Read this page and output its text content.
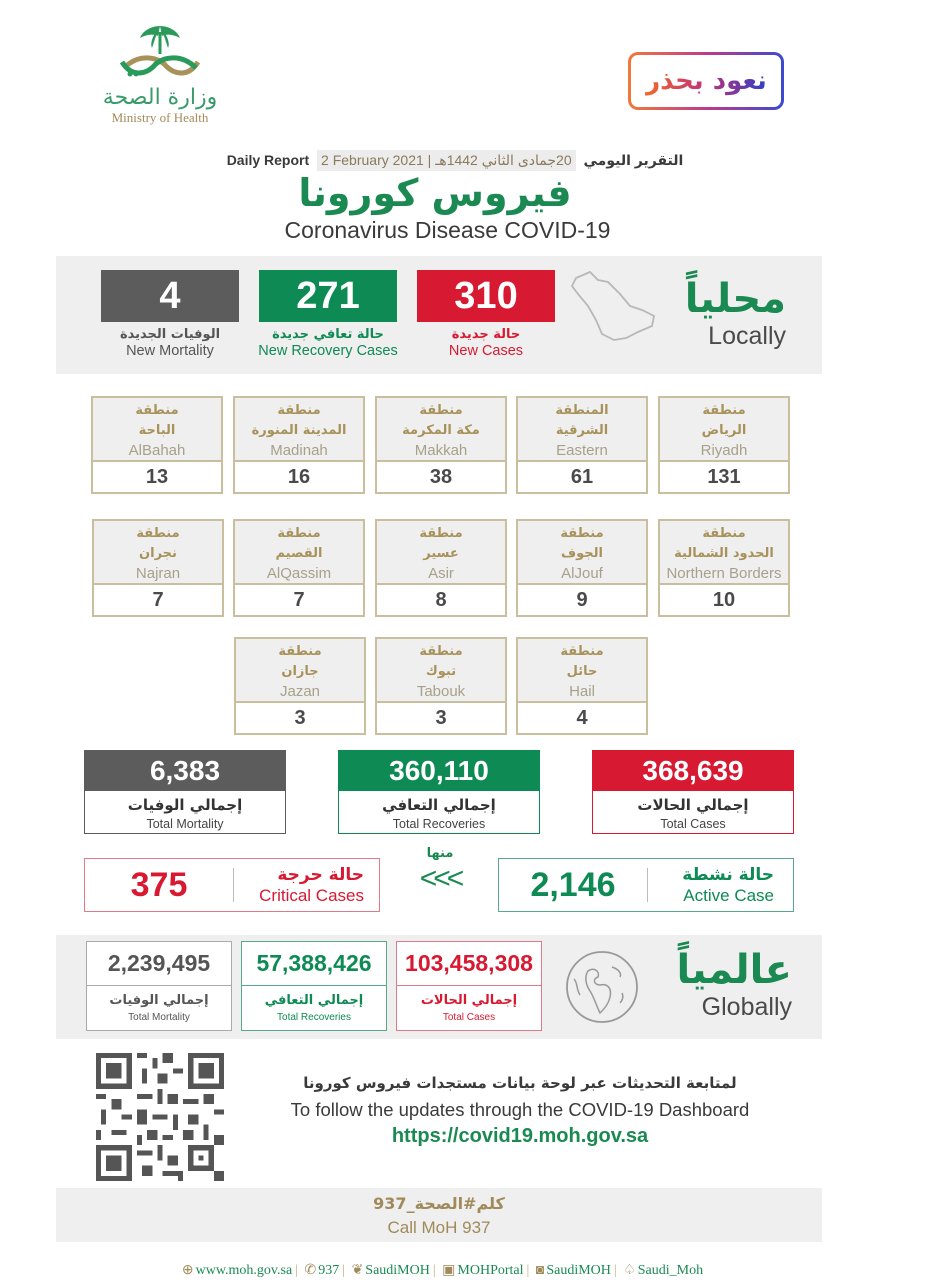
وزارة الصحة
Ministry of Health
نعود بحذر
Daily Report 2 February 2021 | 20جمادى الثاني 1442هـ التقرير اليومي
فيروس كورونا
Coronavirus Disease COVID-19
4
الوفيات الجديدة
New Mortality
271
حالة تعافي جديدة
New Recovery Cases
310
حالة جديدة
New Cases
محلياً
Locally
منطقة
الرياض
Riyadh
131
المنطقة
الشرقية
Eastern
61
منطقة
مكة المكرمة
Makkah
38
منطقة
المدينة المنورة
Madinah
16
منطقة
الباحة
AlBahah
13
منطقة
الحدود الشمالية
Northern Borders
10
منطقة
الجوف
AlJouf
9
منطقة
عسير
Asir
8
منطقة
القصيم
AlQassim
7
منطقة
نجران
Najran
7
منطقة
حائل
Hail
4
منطقة
تبوك
Tabouk
3
منطقة
جازان
Jazan
3
6,383
إجمالي الوفيات
Total Mortality
360,110
إجمالي التعافي
Total Recoveries
368,639
إجمالي الحالات
Total Cases
375	حالة حرجة
Critical Cases
منها
<<<	2,146	حالة نشطة
Active Case
2,239,495
إجمالي الوفيات
Total Mortality
57,388,426
إجمالي التعافي
Total Recoveries
103,458,308
إجمالي الحالات
Total Cases
عالمياً
Globally
لمتابعة التحديثات عبر لوحة بيانات مستجدات فيروس كورونا
To follow the updates through the COVID-19 Dashboard
https://covid19.moh.gov.sa
كلم#الصحة_937
Call MoH 937
⊕ www.moh.gov.sa | ✆ 937 | ❦ SaudiMOH | ▣ MOHPortal | ◙ SaudiMOH | ♤ Saudi_Moh
